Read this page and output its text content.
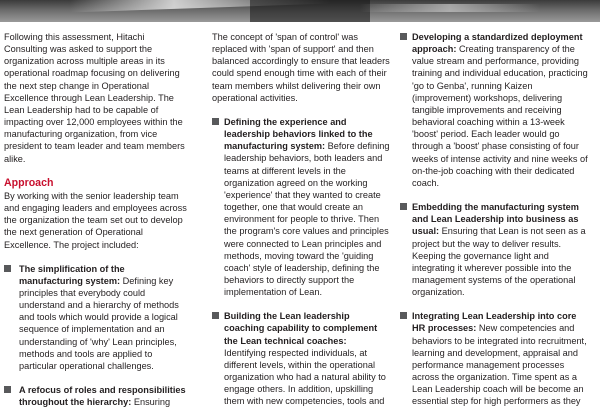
Following this assessment, Hitachi Consulting was asked to support the organization across multiple areas in its operational roadmap focusing on delivering the next step change in Operational Excellence through Lean Leadership. The Lean Leadership had to be capable of impacting over 12,000 employees within the manufacturing organization, from vice president to team leader and team members alike.

Approach

By working with the senior leadership team and engaging leaders and employees across the organization the team set out to develop the next generation of Operational Excellence. The project included:

The simplification of the manufacturing system: Defining key principles that everybody could understand and a hierarchy of methods and tools which would provide a logical sequence of implementation and an understanding of 'why' Lean principles, methods and tools are applied to particular operational challenges.
A refocus of roles and responsibilities throughout the hierarchy: Ensuring

The concept of 'span of control' was replaced with 'span of support' and then balanced accordingly to ensure that leaders could spend enough time with each of their team members whilst delivering their own operational activities.

Defining the experience and leadership behaviors linked to the manufacturing system: Before defining leadership behaviors, both leaders and teams at different levels in the organization agreed on the working 'experience' that they wanted to create together, one that would create an environment for people to thrive. Then the program's core values and principles were connected to Lean principles and methods, moving toward the 'guiding coach' style of leadership, defining the behaviors to directly support the implementation of Lean.
Building the Lean leadership coaching capability to complement the Lean technical coaches: Identifying respected individuals, at different levels, within the operational organization who had a natural ability to engage others. In addition, upskilling them with new competencies, tools and
Developing a standardized deployment approach: Creating transparency of the value stream and performance, providing training and individual education, practicing 'go to Genba', running Kaizen (improvement) workshops, delivering tangible improvements and receiving behavioral coaching within a 13-week 'boost' period. Each leader would go through a 'boost' phase consisting of four weeks of intense activity and nine weeks of on-the-job coaching with their dedicated coach.
Embedding the manufacturing system and Lean Leadership into business as usual: Ensuring that Lean is not seen as a project but the way to deliver results. Keeping the governance light and integrating it wherever possible into the management systems of the operational organization.
Integrating Lean Leadership into core HR processes: New competencies and behaviors to be integrated into recruitment, learning and development, appraisal and performance management processes across the organization. Time spent as a Lean Leadership coach will be become an essential step for high performers as they
